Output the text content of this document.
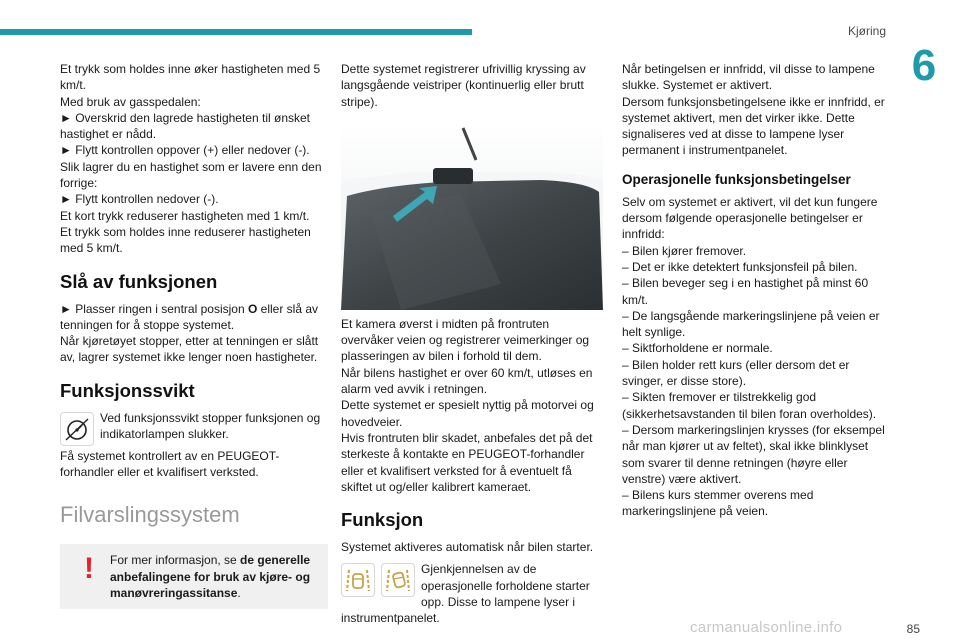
Kjøring
6

Et trykk som holdes inne øker hastigheten med 5 km/t.

Med bruk av gasspedalen:

► Overskrid den lagrede hastigheten til ønsket hastighet er nådd.

► Flytt kontrollen oppover (+) eller nedover (-).

Slik lagrer du en hastighet som er lavere enn den forrige:

► Flytt kontrollen nedover (-).

Et kort trykk reduserer hastigheten med 1 km/t.

Et trykk som holdes inne reduserer hastigheten med 5 km/t.

Slå av funksjonen

► Plasser ringen i sentral posisjon O eller slå av tenningen for å stoppe systemet.

Når kjøretøyet stopper, etter at tenningen er slått av, lagrer systemet ikke lenger noen hastigheter.

Funksjonssvikt

Ved funksjonssvikt stopper funksjonen og indikatorlampen slukker.

Få systemet kontrollert av en PEUGEOT-forhandler eller et kvalifisert verksted.

Filvarslingssystem
!	For mer informasjon, se de generelle anbefalingene for bruk av kjøre- og manøvreringassitanse.

Dette systemet registrerer ufrivillig kryssing av langsgående veistriper (kontinuerlig eller brutt stripe).

Et kamera øverst i midten på frontruten overvåker veien og registrerer veimerkinger og plasseringen av bilen i forhold til dem.

Når bilens hastighet er over 60 km/t, utløses en alarm ved avvik i retningen.

Dette systemet er spesielt nyttig på motorvei og hovedveier.

Hvis frontruten blir skadet, anbefales det på det sterkeste å kontakte en PEUGEOT-forhandler eller et kvalifisert verksted for å eventuelt få skiftet ut og/eller kalibrert kameraet.

Funksjon

Systemet aktiveres automatisk når bilen starter.

Gjenkjennelsen av de operasjonelle forholdene starter opp. Disse to lampene lyser i instrumentpanelet.

Når betingelsen er innfridd, vil disse to lampene slukke. Systemet er aktivert.

Dersom funksjonsbetingelsene ikke er innfridd, er systemet aktivert, men det virker ikke. Dette signaliseres ved at disse to lampene lyser permanent i instrumentpanelet.

Operasjonelle funksjonsbetingelser

Selv om systemet er aktivert, vil det kun fungere dersom følgende operasjonelle betingelser er innfridd:

– Bilen kjører fremover.

– Det er ikke detektert funksjonsfeil på bilen.

– Bilen beveger seg i en hastighet på minst 60 km/t.

– De langsgående markeringslinjene på veien er helt synlige.

– Siktforholdene er normale.

– Bilen holder rett kurs (eller dersom det er svinger, er disse store).

– Sikten fremover er tilstrekkelig god (sikkerhetsavstanden til bilen foran overholdes).

– Dersom markeringslinjen krysses (for eksempel når man kjører ut av feltet), skal ikke blinklyset som svarer til denne retningen (høyre eller venstre) være aktivert.

– Bilens kurs stemmer overens med markeringslinjene på veien.

carmanualsonline.info	85
